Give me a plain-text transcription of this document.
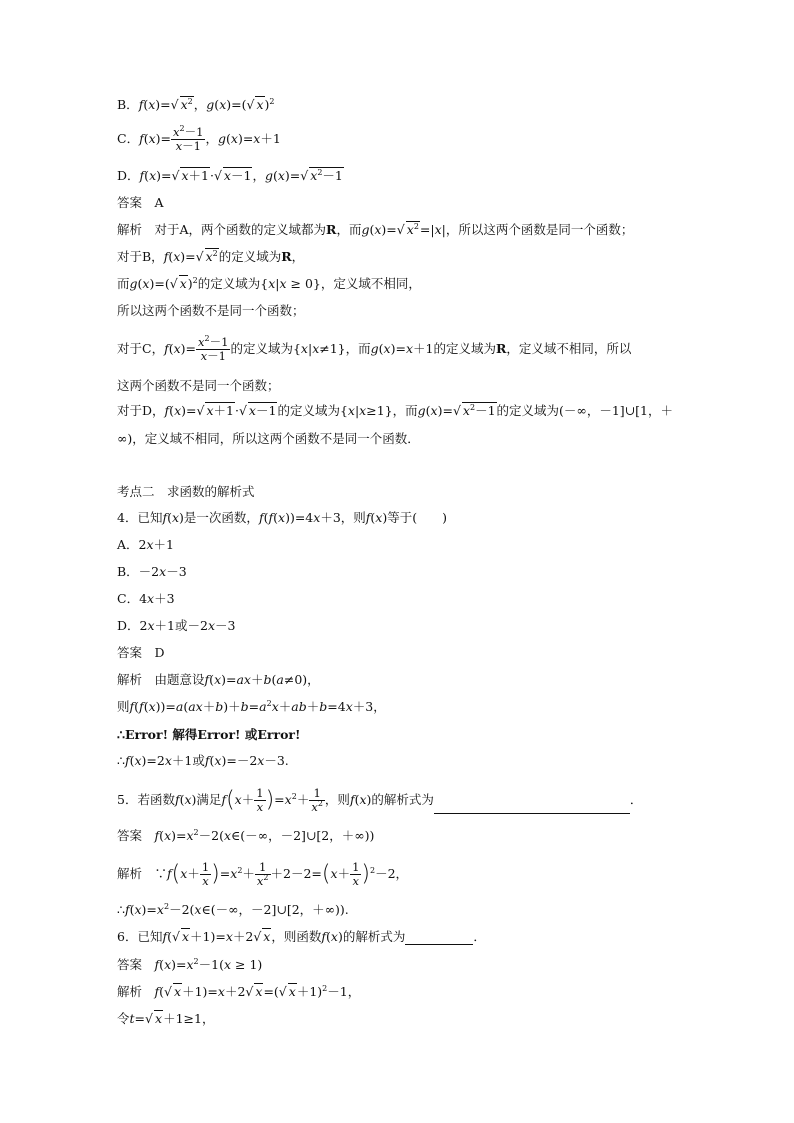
B．f(x)=√ $x^2$，g(x)=(√ x)$^2$
C．$f(x)= \frac{x^2-1}{x-1}$ ，g(x)=x＋1
D．f(x)=√ x＋1·√ x－1，g(x)=√ $x^2-1$
答案　 A
解析　对于A，两个函数的定义域都为R，而g(x)=√ $x^2=|x|$，所以这两个函数是同一个函数；
对于B，f(x)=√ $x^2$的定义域为R，
而g(x)=(√ x)$^2$的定义域为{x|x ≥ 0}，定义域不相同，
所以这两个函数不是同一个函数；
对于C，$f(x)= \frac{x^2-1}{x-1}$ 的定义域为{x|x≠1}，而g(x)=x＋1的定义域为R，定义域不相同，所以
这两个函数不是同一个函数；
对于D，f(x)=√ x＋1·√ x－1的定义域为{x|x≥1}，而g(x)=√ $x^2-1$的定义域为(－∞，－1]∪[1，＋
∞)，定义域不相同，所以这两个函数不是同一个函数．
考点二　求函数的解析式
4．已知f(x)是一次函数，f(f(x))=4x＋3，则f(x)等于(　　)
A．2x＋1
B．－2x－3
C．4x＋3
D．2x＋1或－2x－3
答案　 D
解析　由题意设f(x)=ax＋b(a≠0)，
则$f(f(x))=a(ax+b)+b=a^2x+ab+b=4x+3$，
∴Error! 解得Error! 或Error!
∴f(x)=2x＋1或f(x)=－2x－3.
5．若函数f(x)满足$f(x+ \frac{1}{x} )=x^2+ \frac{1}{x^2}$ ，则f(x)的解析式为	．
答案　 $f(x)=x^2-2(x\in(-\infty$，－2]∪[2，＋∞))
解析　∵f(x＋ $\frac{1}{x} )=x^2+ \frac{1}{x^2} +2-2=(x+ \frac{1}{x} )^2-2$，
$\therefore f(x)=x^2-2(x\in(-\infty$，－2]∪[2，＋∞)).
6．已知f(√ x＋1)=x＋2√ x，则函数f(x)的解析式为	．
答案　 $f(x)=x^2-1(x \ge 1)$
解析　 f(√ x＋1)=x＋2√ x=(√ x＋1)$^2$－1，
令t=√ x＋1≥1，
